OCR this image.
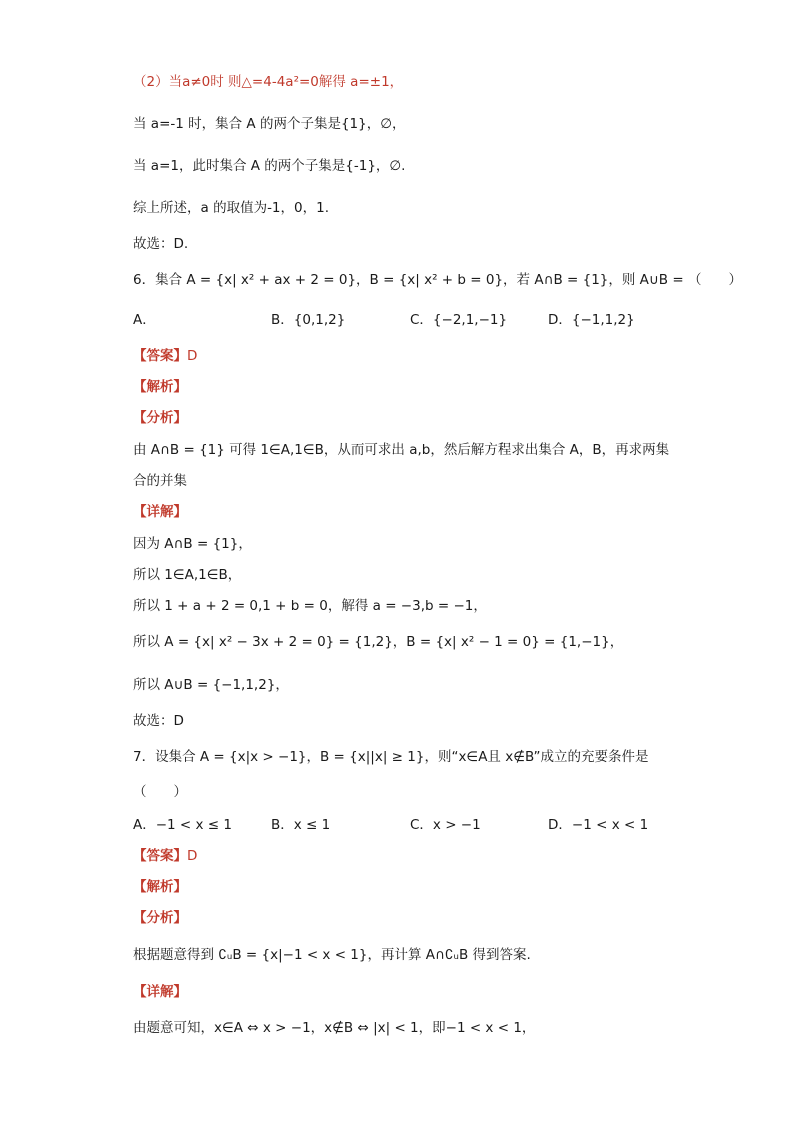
（2）当a≠0时 则△=4-4a²=0解得 a=±1，
当 a=-1 时，集合 A 的两个子集是{1}，∅，
当 a=1，此时集合 A 的两个子集是{-1}，∅.
综上所述，a 的取值为-1，0，1.
故选：D.
6．集合 A = {x| x² + ax + 2 = 0}，B = {x| x² + b = 0}，若 A∩B = {1}，则 A∪B = （　　）
A．	B．{0,1,2}	C．{−2,1,−1}	D．{−1,1,2}
【答案】D
【解析】
【分析】
由 A∩B = {1} 可得 1∈A,1∈B，从而可求出 a,b，然后解方程求出集合 A，B，再求两集
合的并集
【详解】
因为 A∩B = {1}，
所以 1∈A,1∈B，
所以 1 + a + 2 = 0,1 + b = 0，解得 a = −3,b = −1，
所以 A = {x| x² − 3x + 2 = 0} = {1,2}，B = {x| x² − 1 = 0} = {1,−1}，
所以 A∪B = {−1,1,2}，
故选：D
7．设集合 A = {x|x > −1}，B = {x||x| ≥ 1}，则“x∈A且 x∉B”成立的充要条件是
（　　）
A．−1 < x ≤ 1	B．x ≤ 1	C．x > −1	D．−1 < x < 1
【答案】D
【解析】
【分析】
根据题意得到 ∁ᵤB = {x|−1 < x < 1}，再计算 A∩∁ᵤB 得到答案.
【详解】
由题意可知，x∈A ⇔ x > −1，x∉B ⇔ |x| < 1，即−1 < x < 1，
